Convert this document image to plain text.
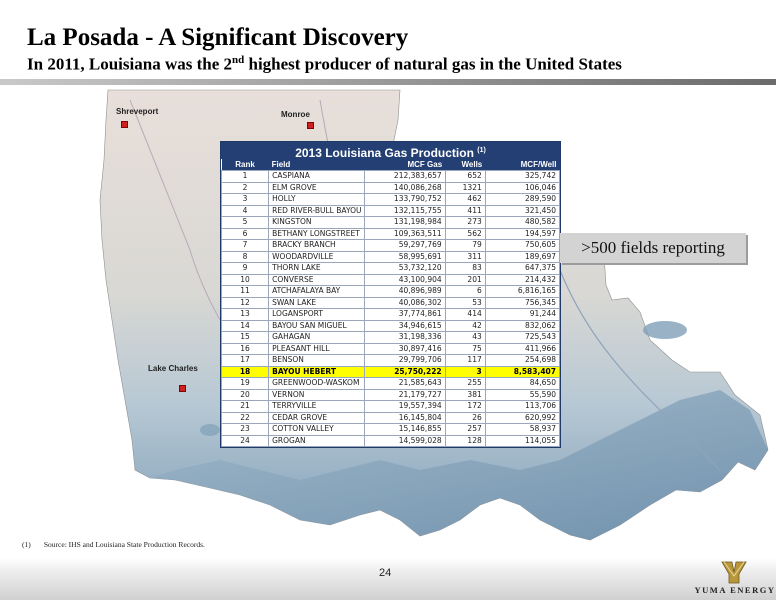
Shreveport	Monroe
Lake Charles
La Posada - A Significant Discovery
In 2011, Louisiana was the 2nd highest producer of natural gas in the United States
2013 Louisiana Gas Production $^{(1)}$
Rank	Field	MCF Gas	Wells	MCF/Well
1	CASPIANA	212,383,657	652	325,742
2	ELM GROVE	140,086,268	1321	106,046
3	HOLLY	133,790,752	462	289,590
4	RED RIVER-BULL BAYOU	132,115,755	411	321,450
5	KINGSTON	131,198,984	273	480,582
6	BETHANY LONGSTREET	109,363,511	562	194,597
7	BRACKY BRANCH	59,297,769	79	750,605
8	WOODARDVILLE	58,995,691	311	189,697
9	THORN LAKE	53,732,120	83	647,375
10	CONVERSE	43,100,904	201	214,432
11	ATCHAFALAYA BAY	40,896,989	6	6,816,165
12	SWAN LAKE	40,086,302	53	756,345
13	LOGANSPORT	37,774,861	414	91,244
14	BAYOU SAN MIGUEL	34,946,615	42	832,062
15	GAHAGAN	31,198,336	43	725,543
16	PLEASANT HILL	30,897,416	75	411,966
17	BENSON	29,799,706	117	254,698
18	BAYOU HEBERT	25,750,222	3	8,583,407
19	GREENWOOD-WASKOM	21,585,643	255	84,650
20	VERNON	21,179,727	381	55,590
21	TERRYVILLE	19,557,394	172	113,706
22	CEDAR GROVE	16,145,804	26	620,992
23	COTTON VALLEY	15,146,855	257	58,937
24	GROGAN	14,599,028	128	114,055
>500 fields reporting
(1) Source: IHS and Louisiana State Production Records.
24
YUMA ENERGY
